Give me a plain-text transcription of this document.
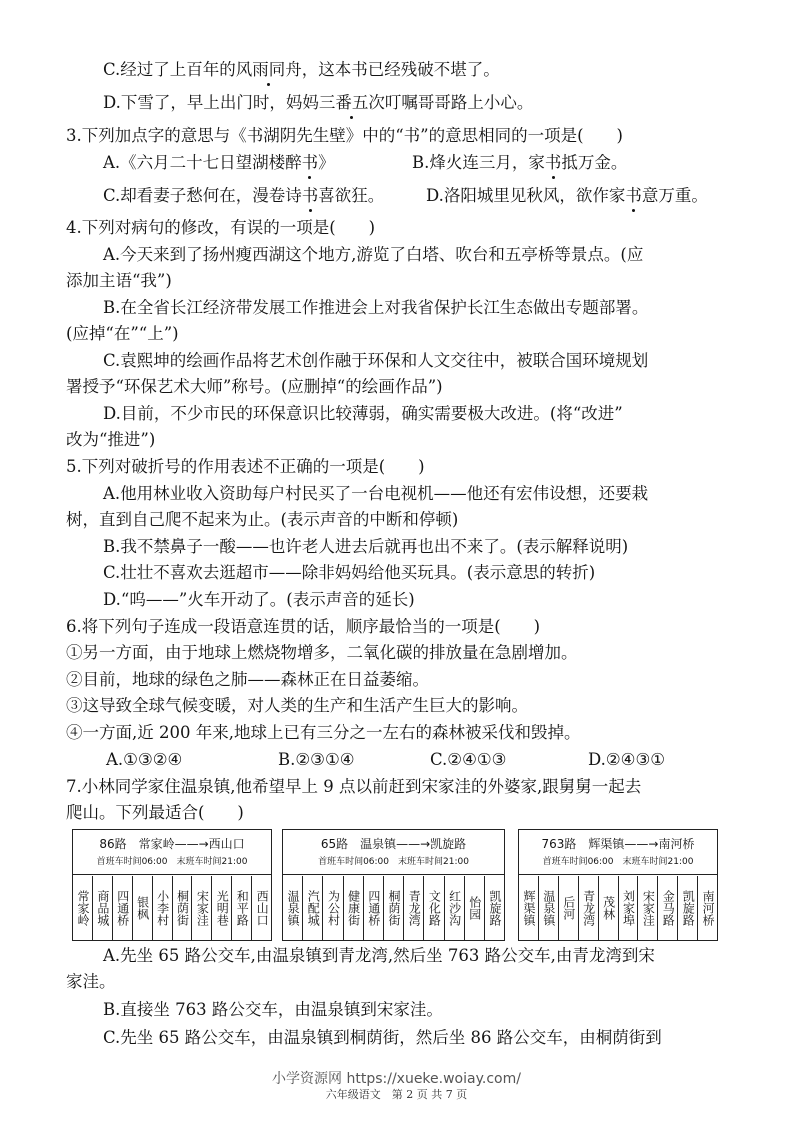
C.经过了上百年的风雨同舟，这本书已经残破不堪了。
D.下雪了，早上出门时，妈妈三番五次叮嘱哥哥路上小心。
3.下列加点字的意思与《书湖阴先生壁》中的“书”的意思相同的一项是(　　)
A.《六月二十七日望湖楼醉书》	B.烽火连三月，家书抵万金。
C.却看妻子愁何在，漫卷诗书喜欲狂。	D.洛阳城里见秋风，欲作家书意万重。
4.下列对病句的修改，有误的一项是(　　)
A.今天来到了扬州瘦西湖这个地方,游览了白塔、吹台和五亭桥等景点。(应
添加主语“我”)
B.在全省长江经济带发展工作推进会上对我省保护长江生态做出专题部署。
(应掉“在”“上”)
C.袁熙坤的绘画作品将艺术创作融于环保和人文交往中，被联合国环境规划
署授予“环保艺术大师”称号。(应删掉“的绘画作品”)
D.目前，不少市民的环保意识比较薄弱，确实需要极大改进。(将“改进”
改为“推进”)
5.下列对破折号的作用表述不正确的一项是(　　)
A.他用林业收入资助每户村民买了一台电视机——他还有宏伟设想，还要栽
树，直到自己爬不起来为止。(表示声音的中断和停顿)
B.我不禁鼻子一酸——也许老人进去后就再也出不来了。(表示解释说明)
C.壮壮不喜欢去逛超市——除非妈妈给他买玩具。(表示意思的转折)
D.“呜——”火车开动了。(表示声音的延长)
6.将下列句子连成一段语意连贯的话，顺序最恰当的一项是(　　)
①另一方面，由于地球上燃烧物增多，二氧化碳的排放量在急剧增加。
②目前，地球的绿色之肺——森林正在日益萎缩。
③这导致全球气候变暖，对人类的生产和生活产生巨大的影响。
④一方面,近 200 年来,地球上已有三分之一左右的森林被采伐和毁掉。
A.①③②④	B.②③①④	C.②④①③	D.②④③①
7.小林同学家住温泉镇,他希望早上 9 点以前赶到宋家洼的外婆家,跟舅舅一起去
爬山。下列最适合(　　)
86路　常家岭——→西山口
首班车时间06:00　末班车时间21:00
常家岭 商品城 四通桥 银枫 小李村 桐荫街 宋家洼 光明巷 和平路 西山口
65路　温泉镇——→凯旋路
首班车时间06:00　末班车时间21:00
温泉镇 汽配城 为公村 健康街 四通桥 桐荫街 青龙湾 文化路 红沙沟 怡园 凯旋路
763路　辉渠镇——→南河桥
首班车时间06:00　末班车时间21:00
辉渠镇 温泉镇 后河 青龙湾 茂林 刘家埠 宋家洼 金马路 凯旋路 南河桥
A.先坐 65 路公交车,由温泉镇到青龙湾,然后坐 763 路公交车,由青龙湾到宋
家洼。
B.直接坐 763 路公交车，由温泉镇到宋家洼。
C.先坐 65 路公交车，由温泉镇到桐荫街，然后坐 86 路公交车，由桐荫街到
小学资源网 https://xueke.woiay.com/
六年级语文　第 2 页 共 7 页
